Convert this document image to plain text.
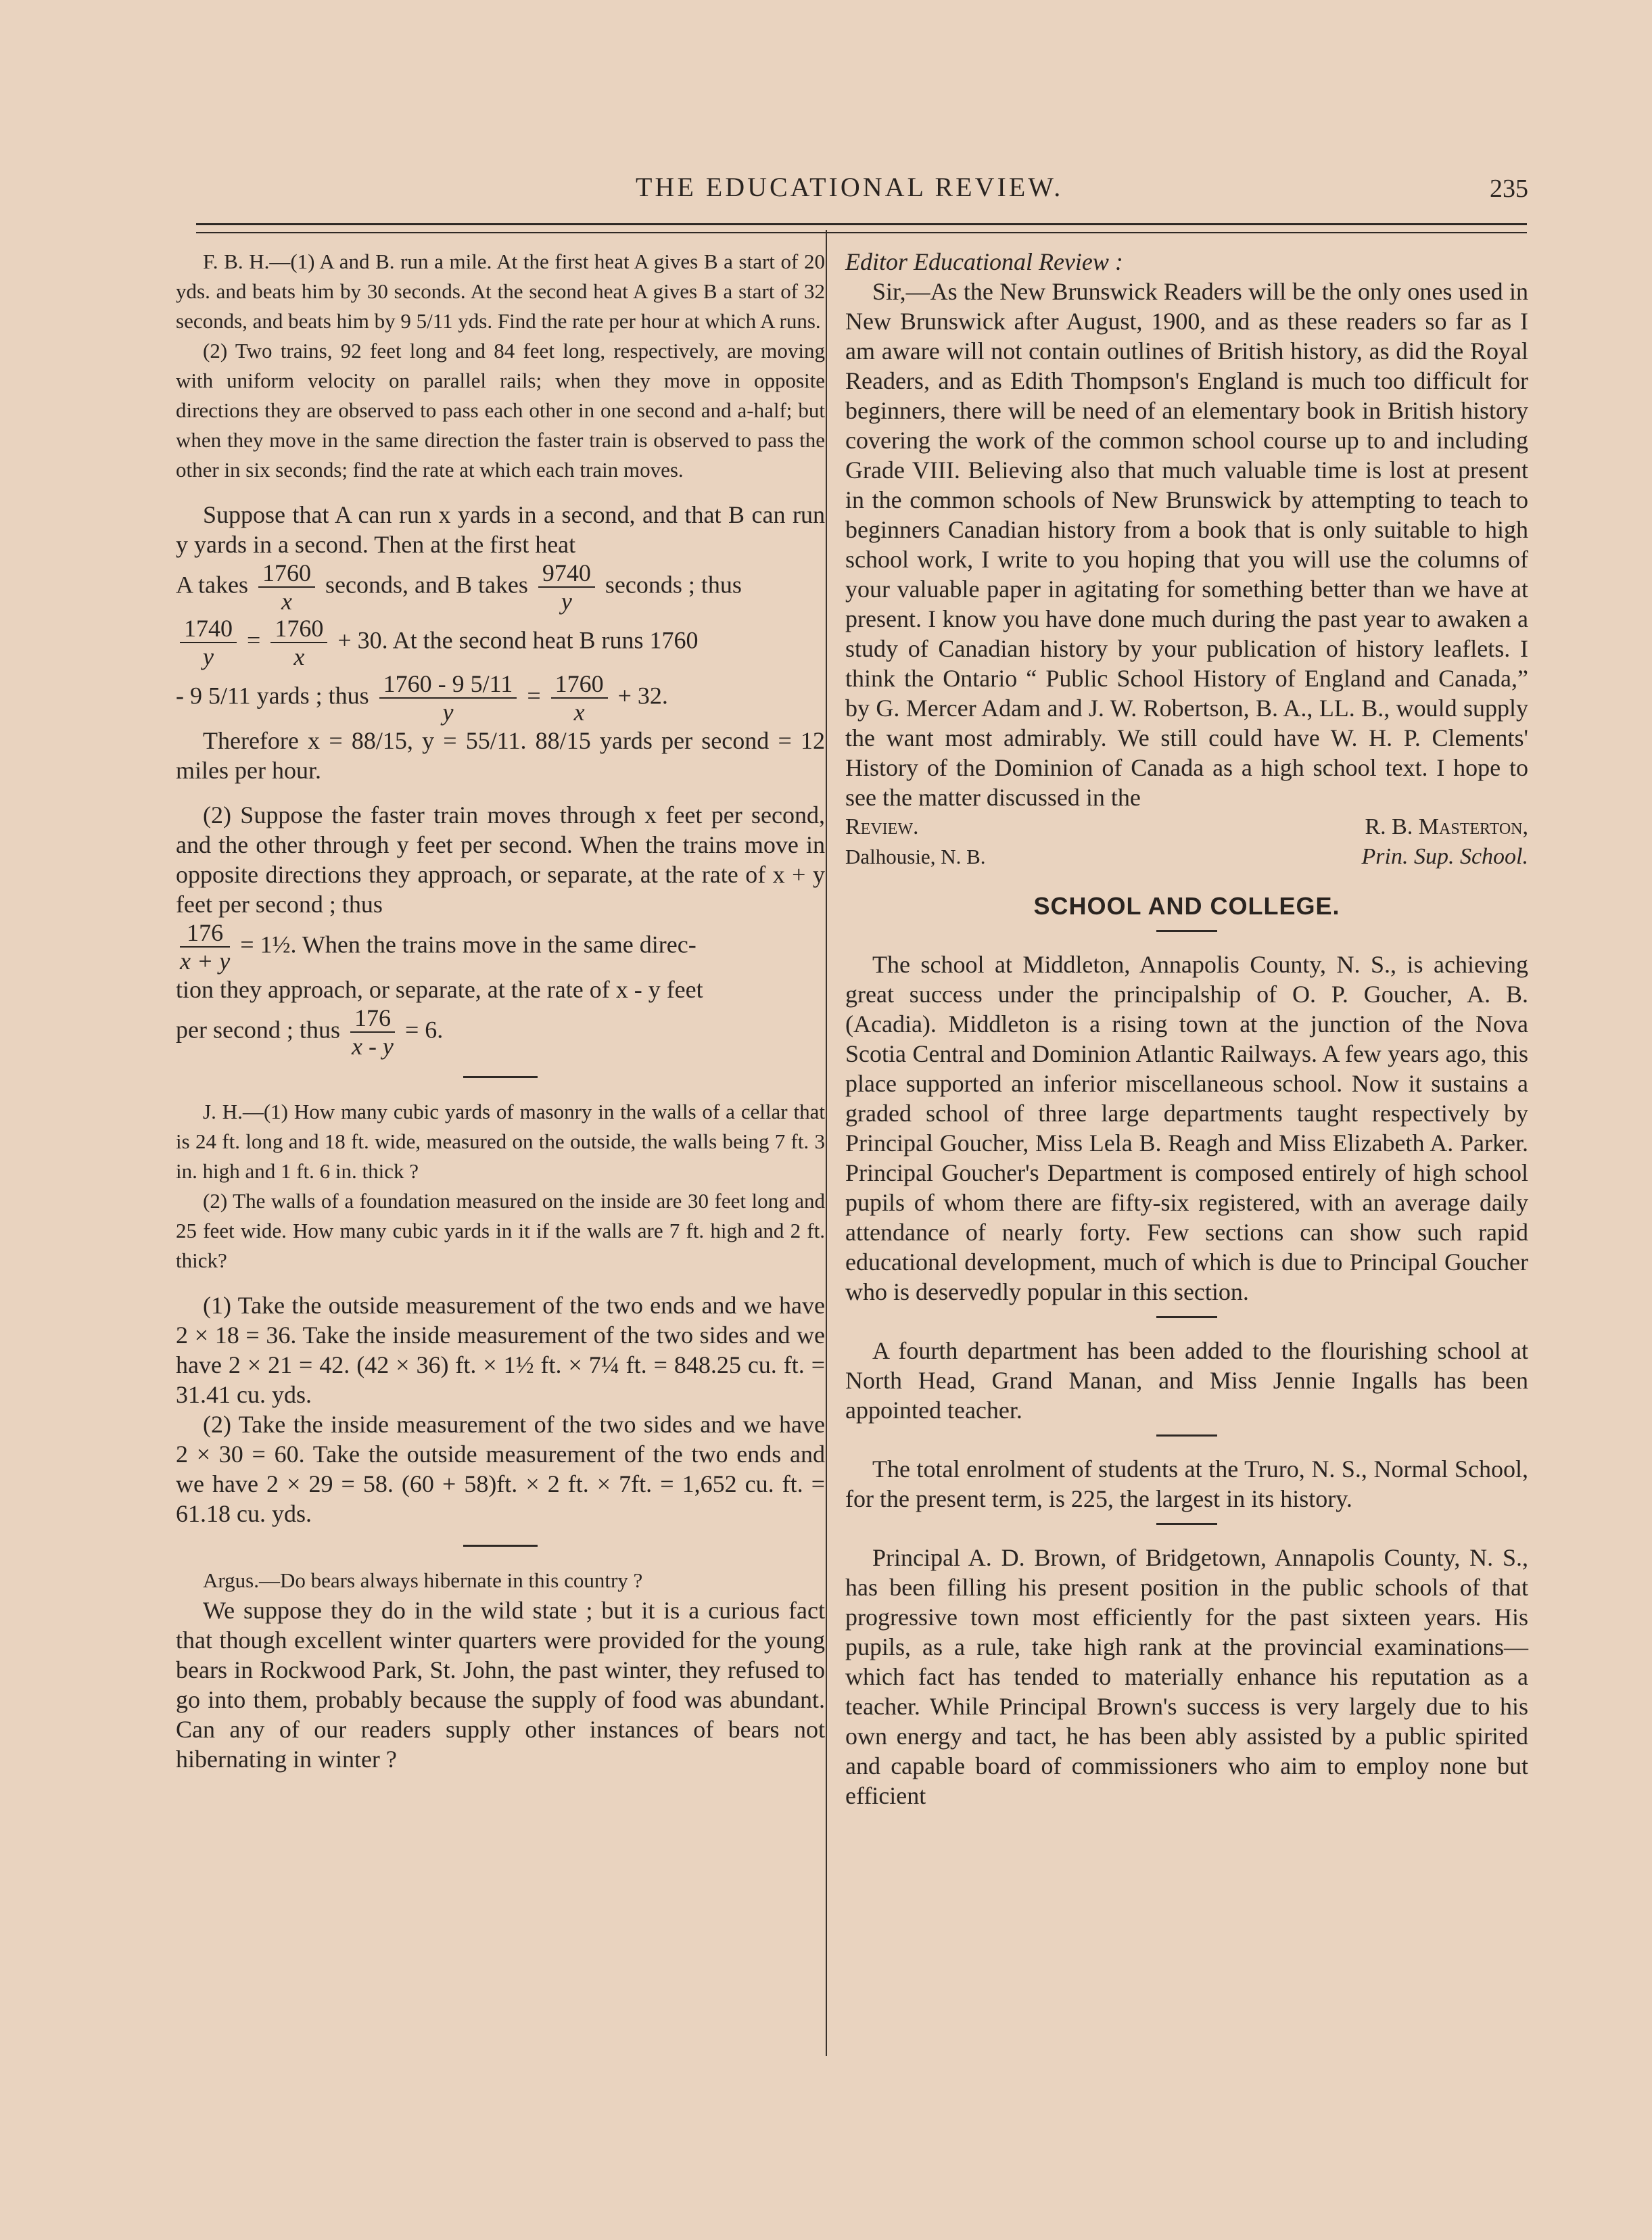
THE EDUCATIONAL REVIEW.	235

F. B. H.—(1) A and B. run a mile. At the first heat A gives B a start of 20 yds. and beats him by 30 seconds. At the second heat A gives B a start of 32 seconds, and beats him by 9 5/11 yds. Find the rate per hour at which A runs.

(2) Two trains, 92 feet long and 84 feet long, respectively, are moving with uniform velocity on parallel rails; when they move in opposite directions they are observed to pass each other in one second and a-half; but when they move in the same direction the faster train is observed to pass the other in six seconds; find the rate at which each train moves.

Suppose that A can run x yards in a second, and that B can run y yards in a second. Then at the first heat

A takes $\frac{1760}{x}$ seconds, and B takes $\frac{9740}{y}$ seconds ; thus
$\frac{1740}{y} = \frac{1760}{x} + 30$. At the second heat B runs 1760
- 9 5/11 yards ; thus $\frac{1760 - 9 5/11}{y} = \frac{1760}{x} + 32$.

Therefore x = 88/15, y = 55/11. 88/15 yards per second = 12 miles per hour.

(2) Suppose the faster train moves through x feet per second, and the other through y feet per second. When the trains move in opposite directions they approach, or separate, at the rate of x + y feet per second ; thus

$\frac{176}{x + y}$ = 1½. When the trains move in the same direc-

tion they approach, or separate, at the rate of x - y feet

per second ; thus $\frac{176}{x - y} = 6$.

J. H.—(1) How many cubic yards of masonry in the walls of a cellar that is 24 ft. long and 18 ft. wide, measured on the outside, the walls being 7 ft. 3 in. high and 1 ft. 6 in. thick ?

(2) The walls of a foundation measured on the inside are 30 feet long and 25 feet wide. How many cubic yards in it if the walls are 7 ft. high and 2 ft. thick?

(1) Take the outside measurement of the two ends and we have 2 × 18 = 36. Take the inside measurement of the two sides and we have 2 × 21 = 42. (42 × 36) ft. × 1½ ft. × 7¼ ft. = 848.25 cu. ft. = 31.41 cu. yds.

(2) Take the inside measurement of the two sides and we have 2 × 30 = 60. Take the outside measurement of the two ends and we have 2 × 29 = 58. (60 + 58)ft. × 2 ft. × 7ft. = 1,652 cu. ft. = 61.18 cu. yds.

Argus.—Do bears always hibernate in this country ?

We suppose they do in the wild state ; but it is a curious fact that though excellent winter quarters were provided for the young bears in Rockwood Park, St. John, the past winter, they refused to go into them, probably because the supply of food was abundant. Can any of our readers supply other instances of bears not hibernating in winter ?

Editor Educational Review :

Sir,—As the New Brunswick Readers will be the only ones used in New Brunswick after August, 1900, and as these readers so far as I am aware will not contain outlines of British history, as did the Royal Readers, and as Edith Thompson's England is much too difficult for beginners, there will be need of an elementary book in British history covering the work of the common school course up to and including Grade VIII. Believing also that much valuable time is lost at present in the common schools of New Brunswick by attempting to teach to beginners Canadian history from a book that is only suitable to high school work, I write to you hoping that you will use the columns of your valuable paper in agitating for something better than we have at present. I know you have done much during the past year to awaken a study of Canadian history by your publication of history leaflets. I think the Ontario “ Public School History of England and Canada,” by G. Mercer Adam and J. W. Robertson, B. A., LL. B., would supply the want most admirably. We still could have W. H. P. Clements' History of the Dominion of Canada as a high school text. I hope to see the matter discussed in the

Review.	R. B. Masterton,
Dalhousie, N. B.	Prin. Sup. School.
SCHOOL AND COLLEGE.

The school at Middleton, Annapolis County, N. S., is achieving great success under the principalship of O. P. Goucher, A. B. (Acadia). Middleton is a rising town at the junction of the Nova Scotia Central and Dominion Atlantic Railways. A few years ago, this place supported an inferior miscellaneous school. Now it sustains a graded school of three large departments taught respectively by Principal Goucher, Miss Lela B. Reagh and Miss Elizabeth A. Parker. Principal Goucher's Department is composed entirely of high school pupils of whom there are fifty-six registered, with an average daily attendance of nearly forty. Few sections can show such rapid educational development, much of which is due to Principal Goucher who is deservedly popular in this section.

A fourth department has been added to the flourishing school at North Head, Grand Manan, and Miss Jennie Ingalls has been appointed teacher.

The total enrolment of students at the Truro, N. S., Normal School, for the present term, is 225, the largest in its history.

Principal A. D. Brown, of Bridgetown, Annapolis County, N. S., has been filling his present position in the public schools of that progressive town most efficiently for the past sixteen years. His pupils, as a rule, take high rank at the provincial examinations—which fact has tended to materially enhance his reputation as a teacher. While Principal Brown's success is very largely due to his own energy and tact, he has been ably assisted by a public spirited and capable board of commissioners who aim to employ none but efficient
